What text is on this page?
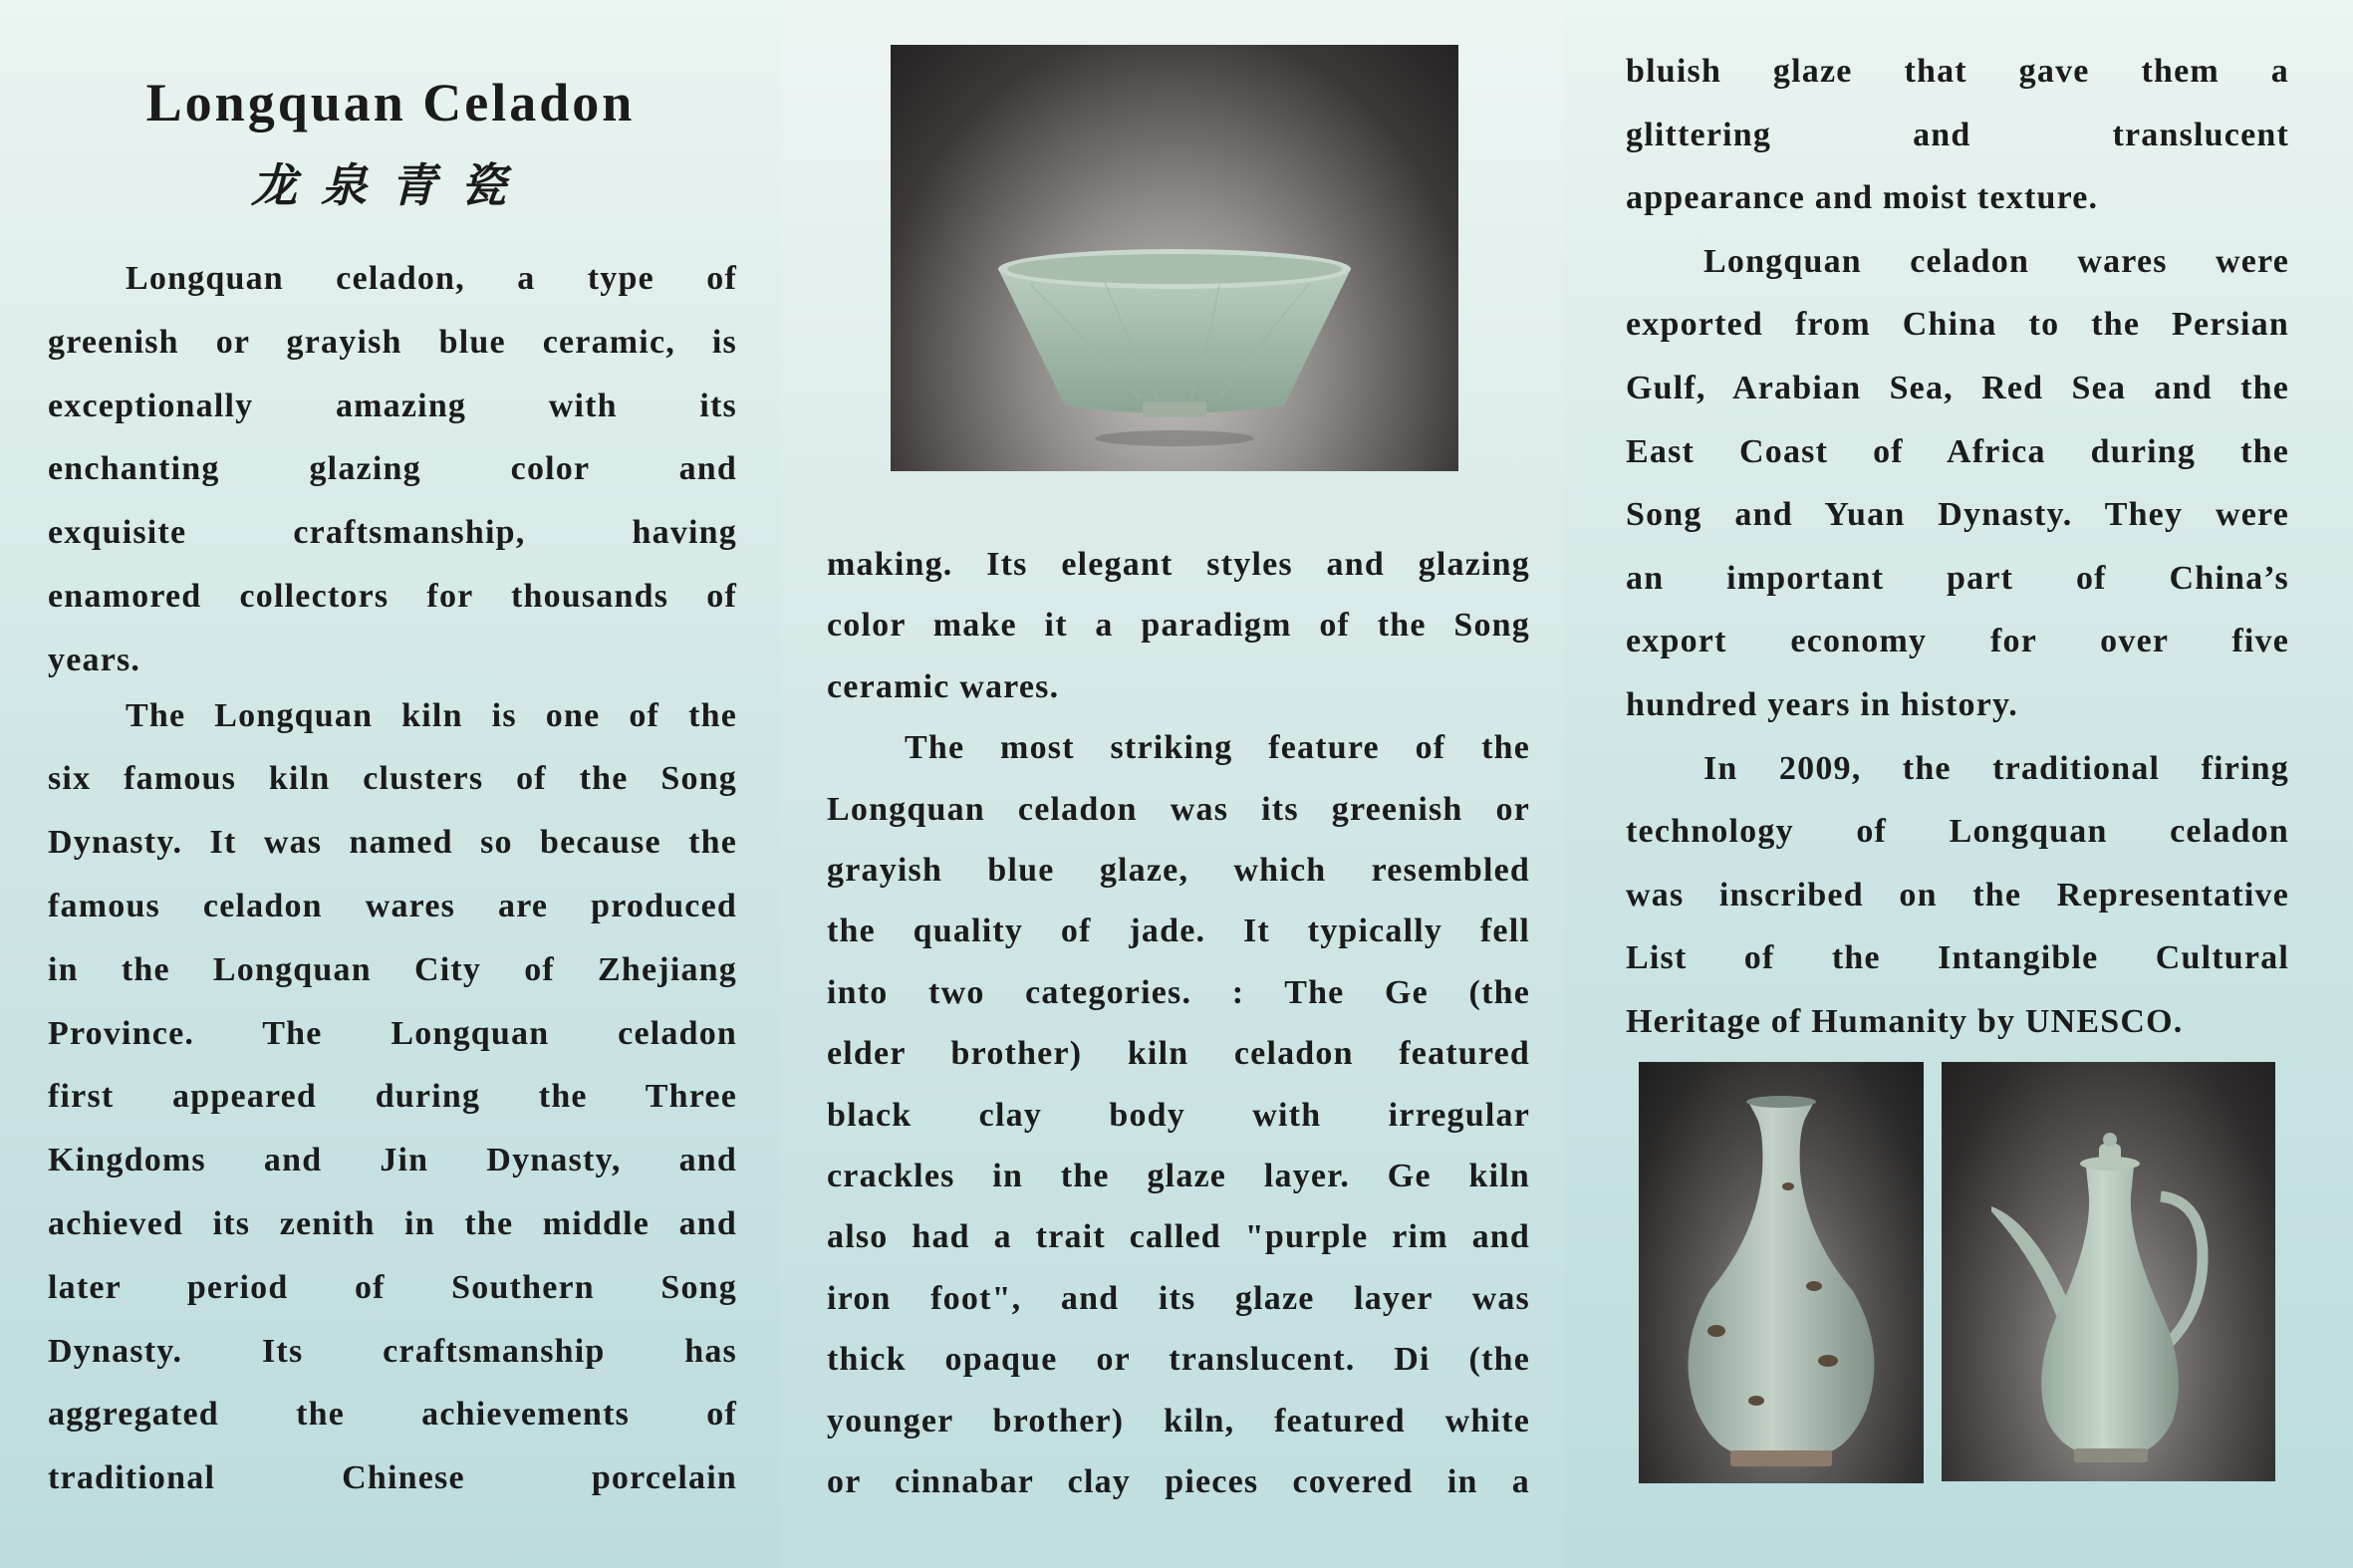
Longquan Celadon
龙泉青瓷

Longquan celadon, a type of
greenish or grayish blue ceramic, is
exceptionally amazing with its
enchanting glazing color and
exquisite craftsmanship, having
enamored collectors for thousands of
years.

The Longquan kiln is one of the
six famous kiln clusters of the Song
Dynasty. It was named so because the
famous celadon wares are produced
in the Longquan City of Zhejiang
Province. The Longquan celadon
first appeared during the Three
Kingdoms and Jin Dynasty, and
achieved its zenith in the middle and
later period of Southern Song
Dynasty. Its craftsmanship has
aggregated the achievements of
traditional Chinese porcelain

making. Its elegant styles and glazing
color make it a paradigm of the Song
ceramic wares.

The most striking feature of the
Longquan celadon was its greenish or
grayish blue glaze, which resembled
the quality of jade. It typically fell
into two categories. : The Ge (the
elder brother) kiln celadon featured
black clay body with irregular
crackles in the glaze layer. Ge kiln
also had a trait called "purple rim and
iron foot", and its glaze layer was
thick opaque or translucent. Di (the
younger brother) kiln, featured white
or cinnabar clay pieces covered in a

bluish glaze that gave them a
glittering and translucent
appearance and moist texture.

Longquan celadon wares were
exported from China to the Persian
Gulf, Arabian Sea, Red Sea and the
East Coast of Africa during the
Song and Yuan Dynasty. They were
an important part of China’s
export economy for over five
hundred years in history.

In 2009, the traditional firing
technology of Longquan celadon
was inscribed on the Representative
List of the Intangible Cultural
Heritage of Humanity by UNESCO.
